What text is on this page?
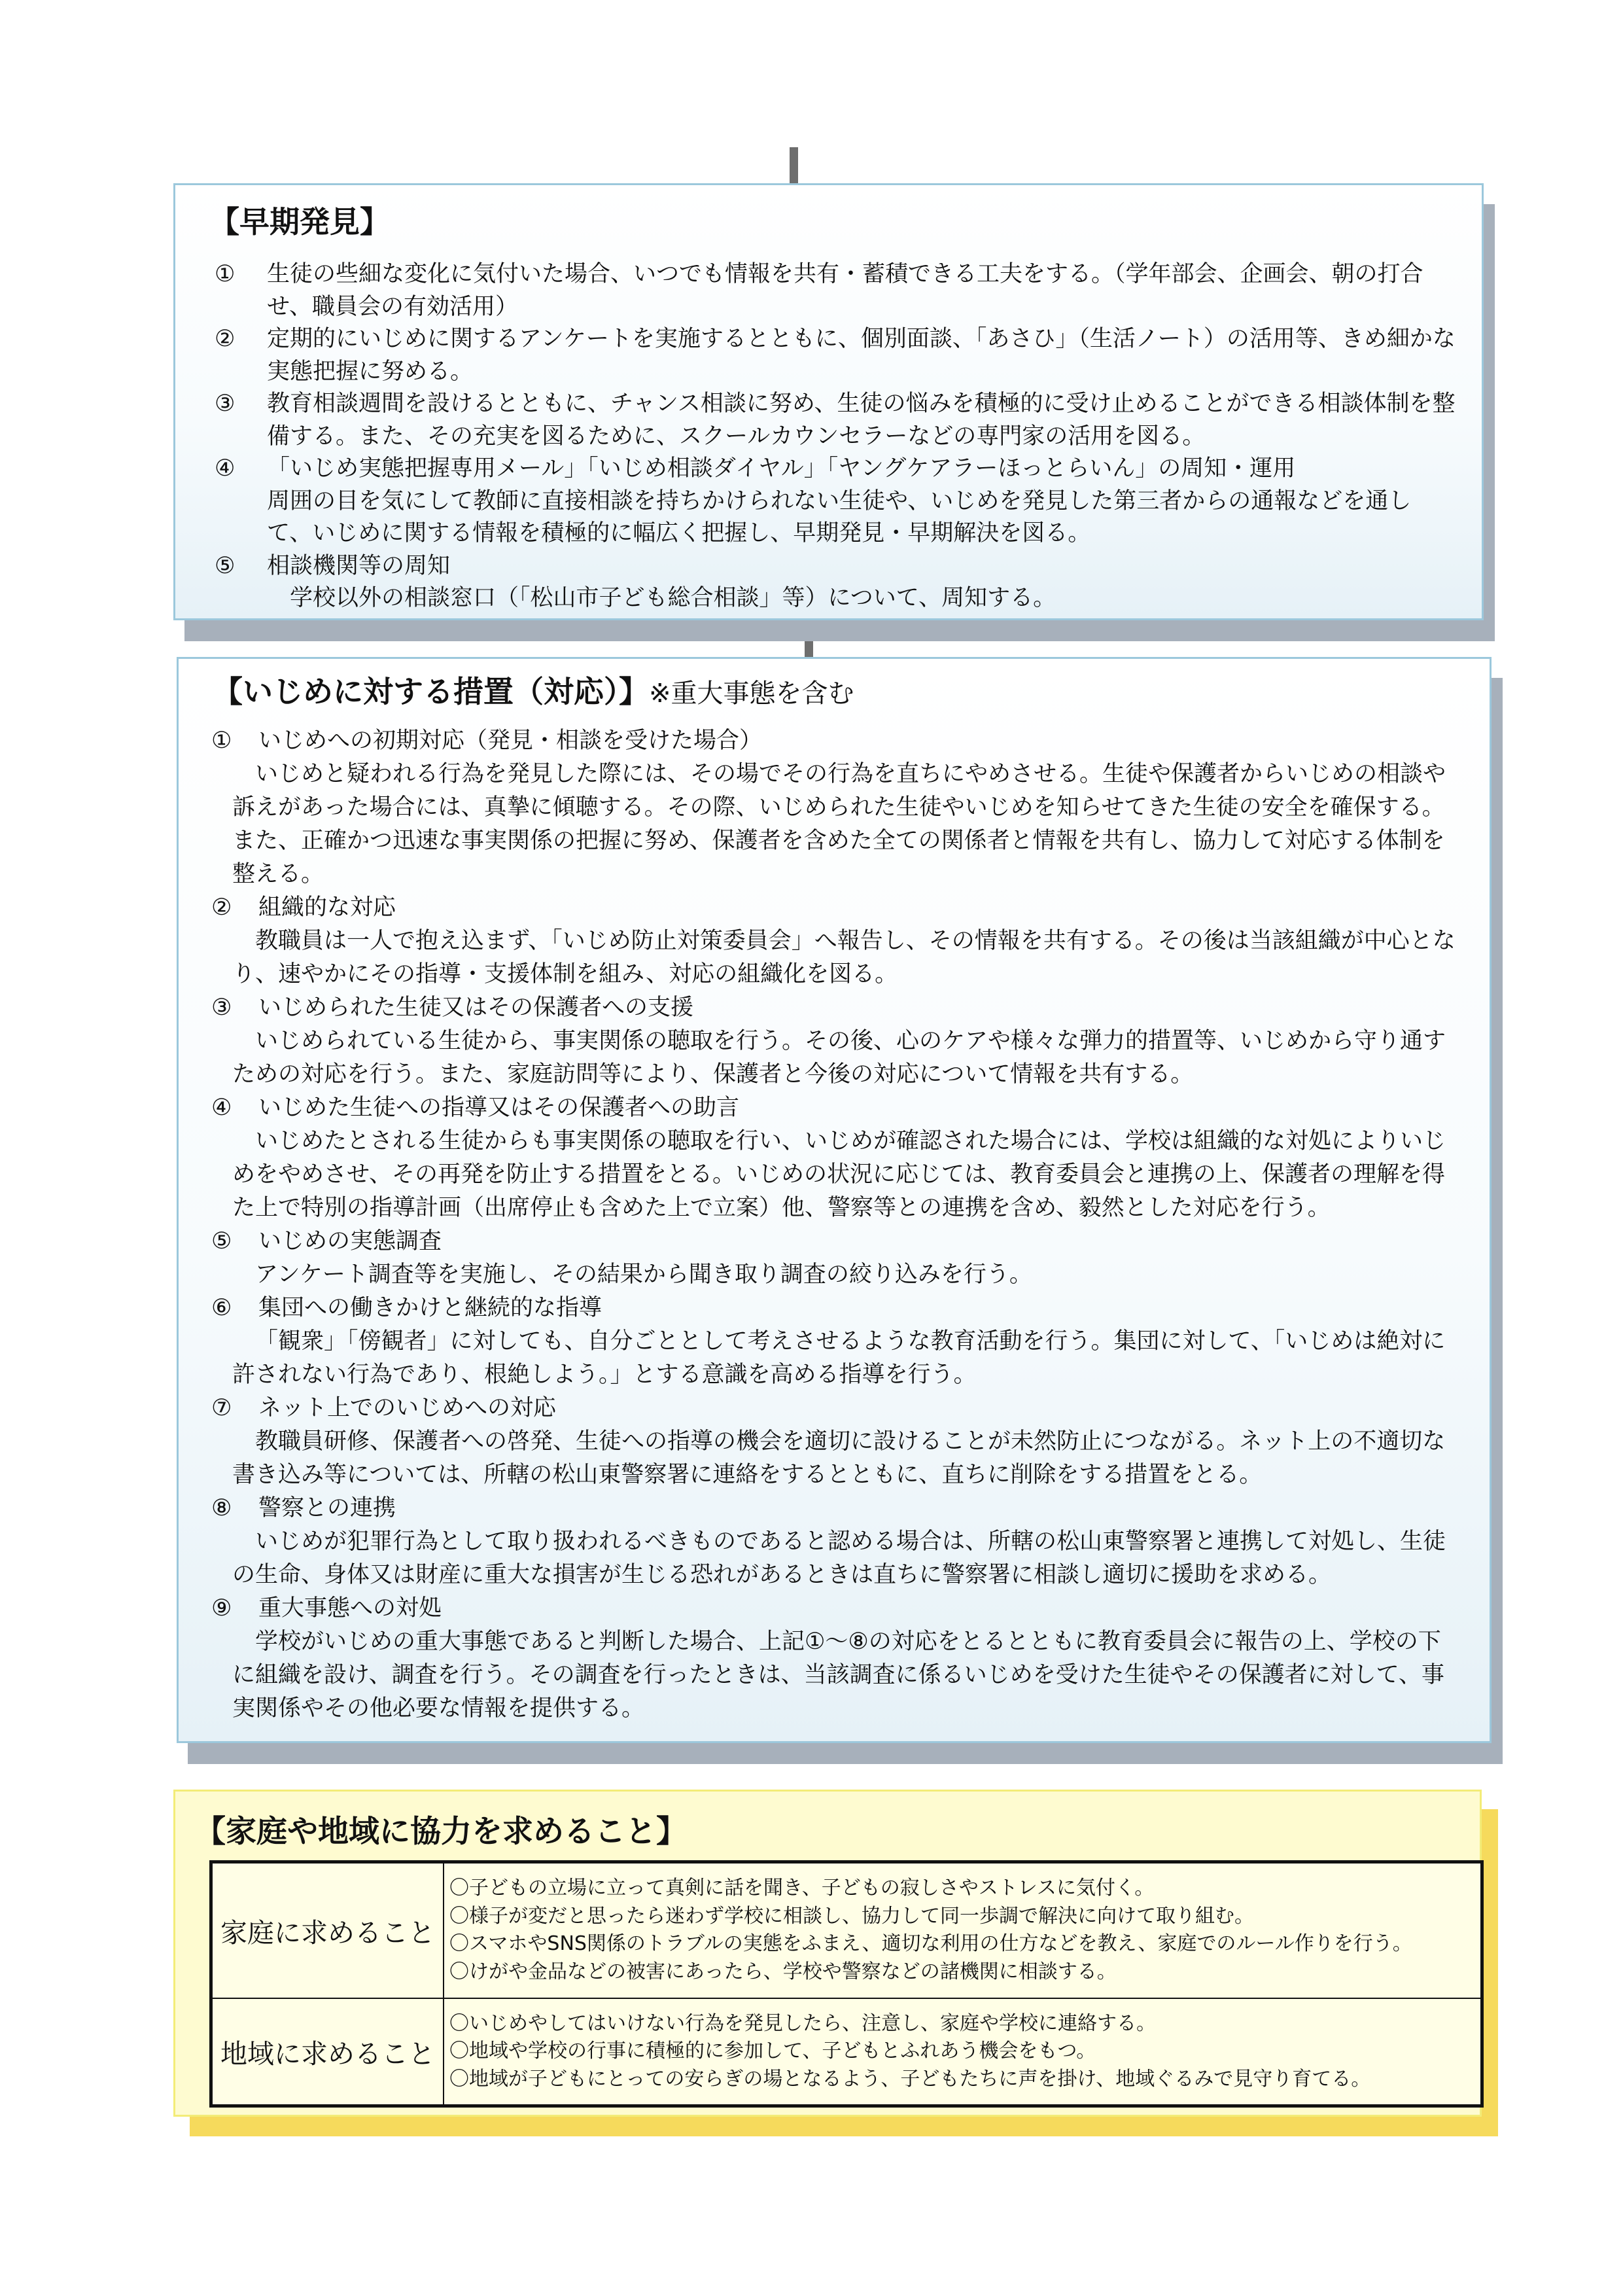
【早期発見】
① 生徒の些細な変化に気付いた場合、いつでも情報を共有・蓄積できる工夫をする。（学年部会、企画会、朝の打合せ、職員会の有効活用）
② 定期的にいじめに関するアンケートを実施するとともに、個別面談、「あさひ」（生活ノート）の活用等、きめ細かな実態把握に努める。
③ 教育相談週間を設けるとともに、チャンス相談に努め、生徒の悩みを積極的に受け止めることができる相談体制を整備する。また、その充実を図るために、スクールカウンセラーなどの専門家の活用を図る。
④ 「いじめ実態把握専用メール」「いじめ相談ダイヤル」「ヤングケアラーほっとらいん」の周知・運用
周囲の目を気にして教師に直接相談を持ちかけられない生徒や、いじめを発見した第三者からの通報などを通して、いじめに関する情報を積極的に幅広く把握し、早期発見・早期解決を図る。
⑤ 相談機関等の周知
学校以外の相談窓口（「松山市子ども総合相談」等）について、周知する。
【いじめに対する措置（対応）】※重大事態を含む
① いじめへの初期対応（発見・相談を受けた場合）
いじめと疑われる行為を発見した際には、その場でその行為を直ちにやめさせる。生徒や保護者からいじめの相談や訴えがあった場合には、真摯に傾聴する。その際、いじめられた生徒やいじめを知らせてきた生徒の安全を確保する。また、正確かつ迅速な事実関係の把握に努め、保護者を含めた全ての関係者と情報を共有し、協力して対応する体制を整える。
② 組織的な対応
教職員は一人で抱え込まず、「いじめ防止対策委員会」へ報告し、その情報を共有する。その後は当該組織が中心となり、速やかにその指導・支援体制を組み、対応の組織化を図る。
③ いじめられた生徒又はその保護者への支援
いじめられている生徒から、事実関係の聴取を行う。その後、心のケアや様々な弾力的措置等、いじめから守り通すための対応を行う。また、家庭訪問等により、保護者と今後の対応について情報を共有する。
④ いじめた生徒への指導又はその保護者への助言
いじめたとされる生徒からも事実関係の聴取を行い、いじめが確認された場合には、学校は組織的な対処によりいじめをやめさせ、その再発を防止する措置をとる。いじめの状況に応じては、教育委員会と連携の上、保護者の理解を得た上で特別の指導計画（出席停止も含めた上で立案）他、警察等との連携を含め、毅然とした対応を行う。
⑤ いじめの実態調査
アンケート調査等を実施し、その結果から聞き取り調査の絞り込みを行う。
⑥ 集団への働きかけと継続的な指導
「観衆」「傍観者」に対しても、自分ごととして考えさせるような教育活動を行う。集団に対して、「いじめは絶対に許されない行為であり、根絶しよう。」とする意識を高める指導を行う。
⑦ ネット上でのいじめへの対応
教職員研修、保護者への啓発、生徒への指導の機会を適切に設けることが未然防止につながる。ネット上の不適切な書き込み等については、所轄の松山東警察署に連絡をするとともに、直ちに削除をする措置をとる。
⑧ 警察との連携
いじめが犯罪行為として取り扱われるべきものであると認める場合は、所轄の松山東警察署と連携して対処し、生徒の生命、身体又は財産に重大な損害が生じる恐れがあるときは直ちに警察署に相談し適切に援助を求める。
⑨ 重大事態への対処
学校がいじめの重大事態であると判断した場合、上記①～⑧の対応をとるとともに教育委員会に報告の上、学校の下に組織を設け、調査を行う。その調査を行ったときは、当該調査に係るいじめを受けた生徒やその保護者に対して、事実関係やその他必要な情報を提供する。
【家庭や地域に協力を求めること】
家庭に求めること	〇子どもの立場に立って真剣に話を聞き、子どもの寂しさやストレスに気付く。
〇様子が変だと思ったら迷わず学校に相談し、協力して同一歩調で解決に向けて取り組む。
〇スマホやSNS関係のトラブルの実態をふまえ、適切な利用の仕方などを教え、家庭でのルール作りを行う。
〇けがや金品などの被害にあったら、学校や警察などの諸機関に相談する。

地域に求めること	〇いじめやしてはいけない行為を発見したら、注意し、家庭や学校に連絡する。
〇地域や学校の行事に積極的に参加して、子どもとふれあう機会をもつ。
〇地域が子どもにとっての安らぎの場となるよう、子どもたちに声を掛け、地域ぐるみで見守り育てる。
